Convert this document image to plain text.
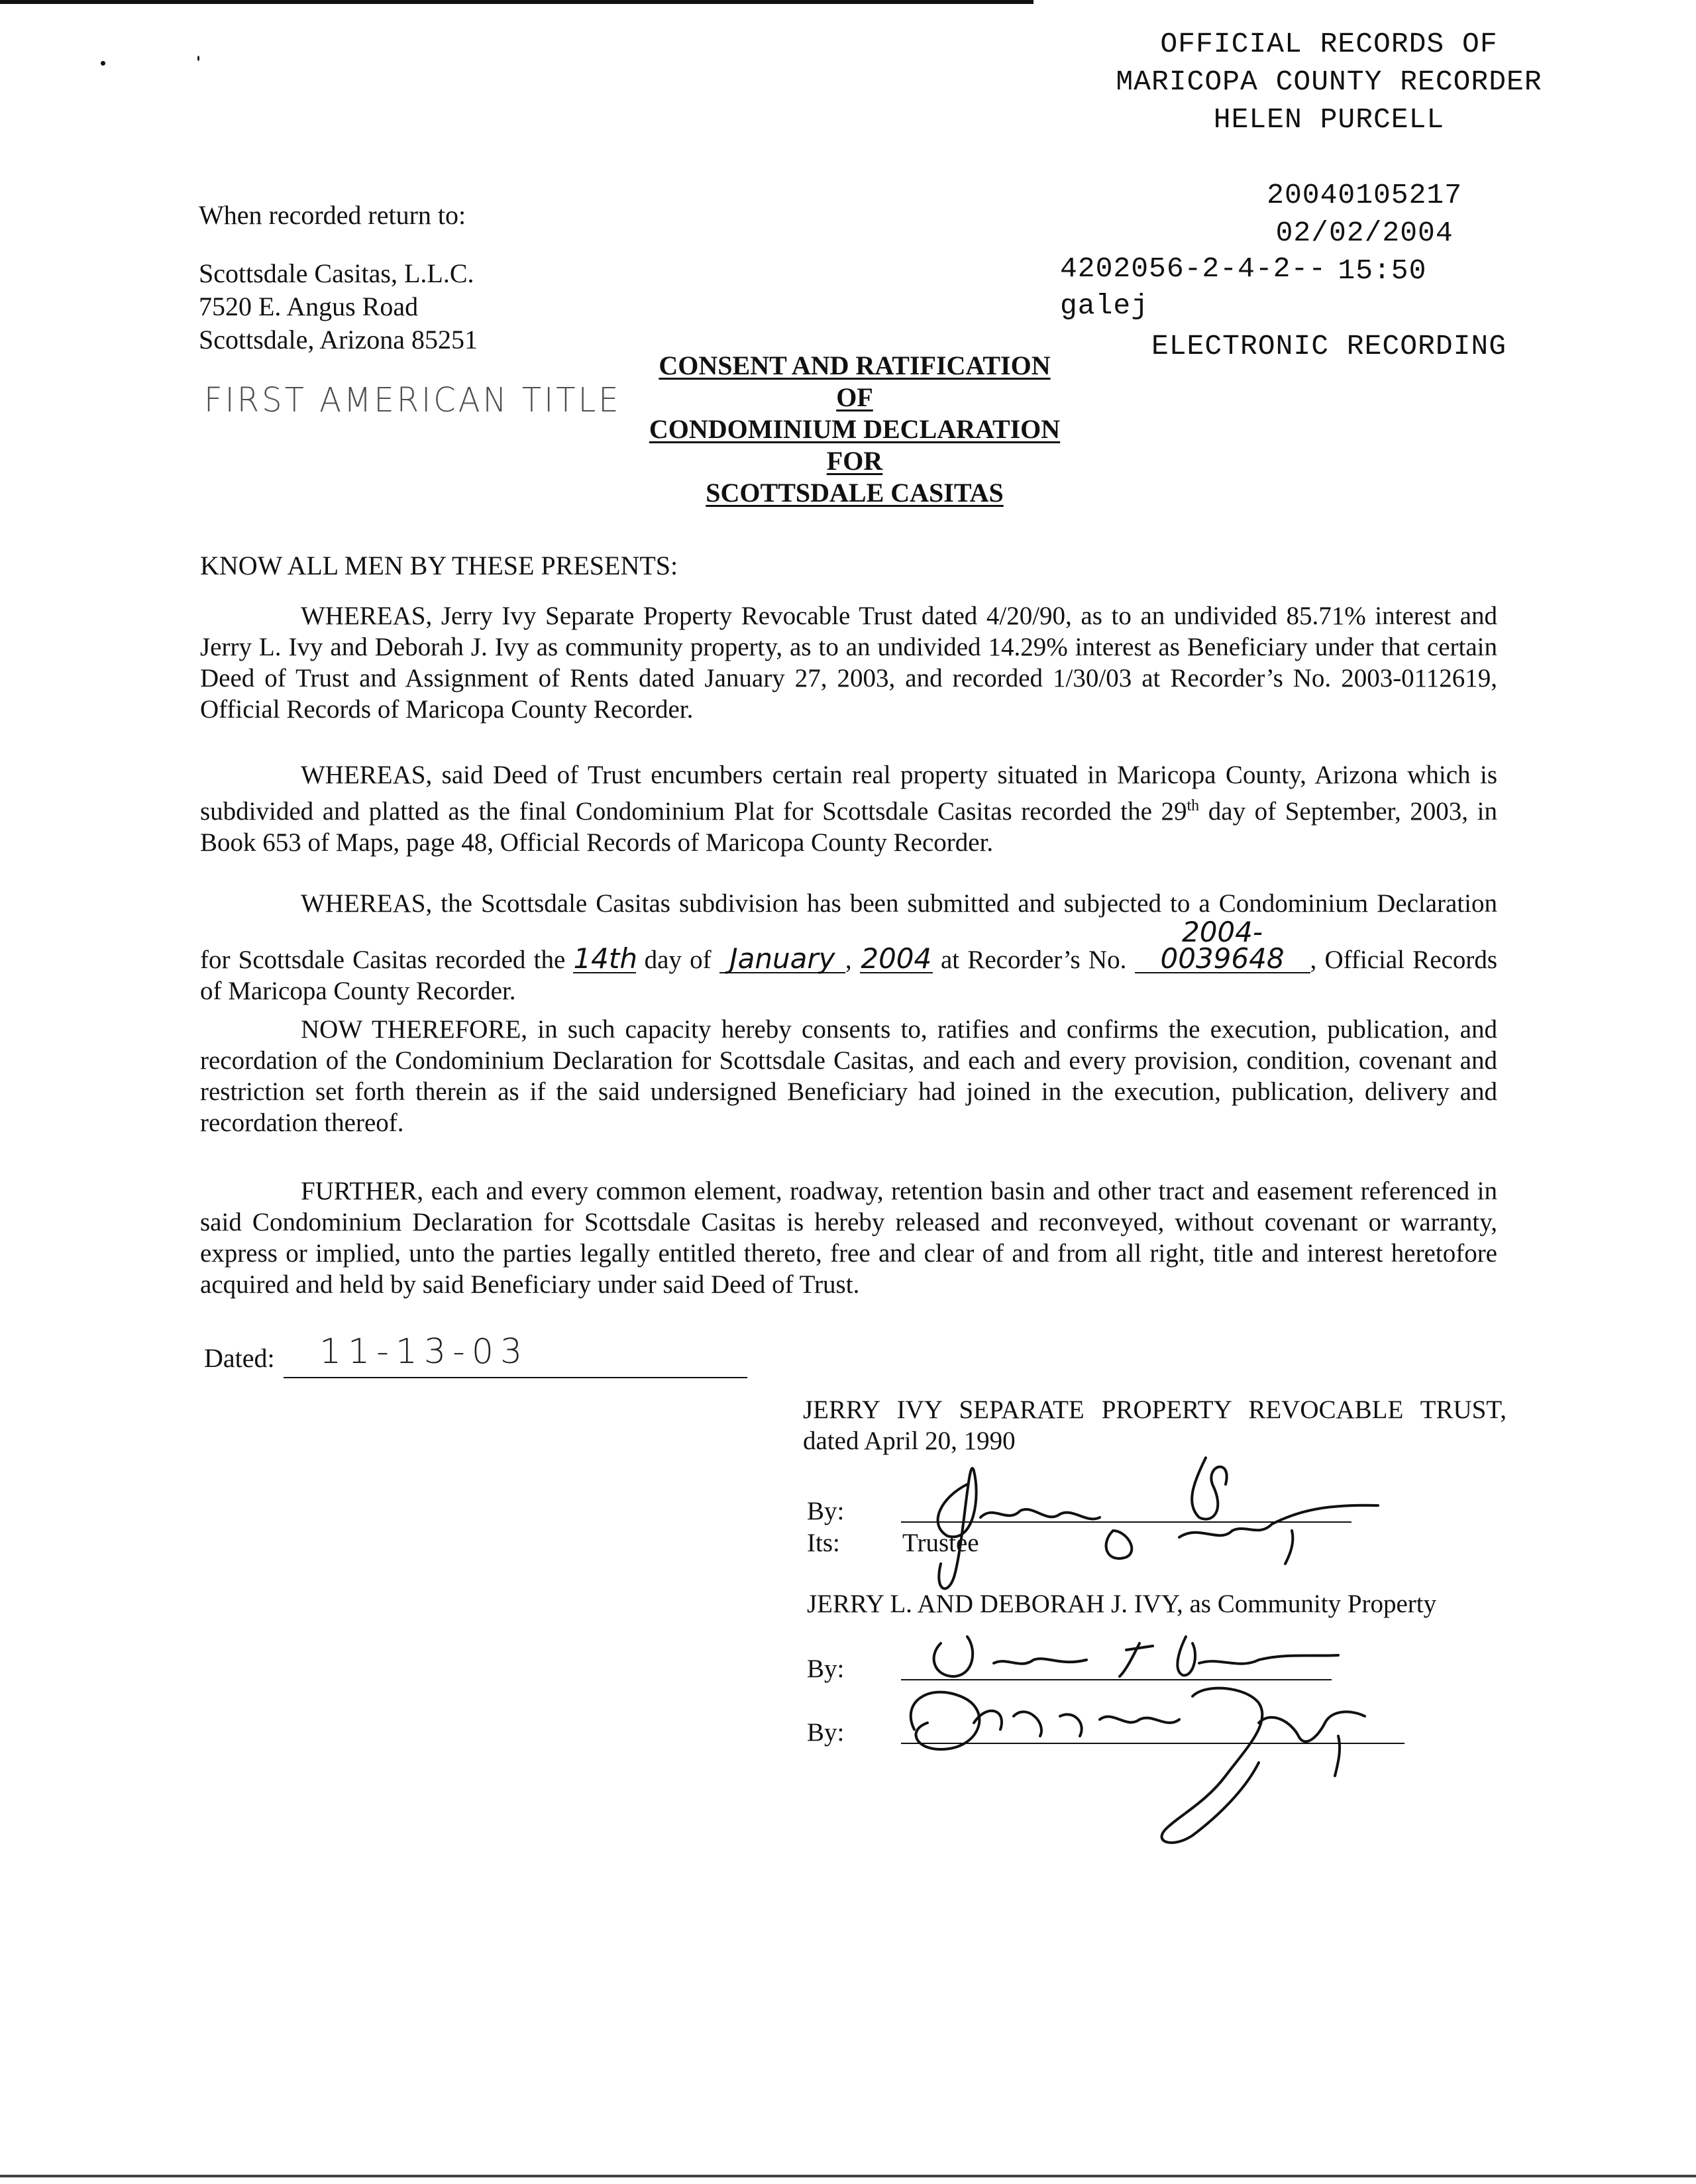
OFFICIAL RECORDS OF
MARICOPA COUNTY RECORDER
HELEN PURCELL

20040105217
02/02/2004
15:50

ELECTRONIC RECORDING
4202056-2-4-2--
galej
When recorded return to:
Scottsdale Casitas, L.L.C.
7520 E. Angus Road
Scottsdale, Arizona 85251
FIRST AMERICAN TITLE
CONSENT AND RATIFICATION
OF
CONDOMINIUM DECLARATION
FOR
SCOTTSDALE CASITAS
KNOW ALL MEN BY THESE PRESENTS:
WHEREAS, Jerry Ivy Separate Property Revocable Trust dated 4/20/90, as to an undivided 85.71% interest and Jerry L. Ivy and Deborah J. Ivy as community property, as to an undivided 14.29% interest as Beneficiary under that certain Deed of Trust and Assignment of Rents dated January 27, 2003, and recorded 1/30/03 at Recorder’s No. 2003-0112619, Official Records of Maricopa County Recorder.
WHEREAS, said Deed of Trust encumbers certain real property situated in Maricopa County, Arizona which is subdivided and platted as the final Condominium Plat for Scottsdale Casitas recorded the 29th day of September, 2003, in Book 653 of Maps, page 48, Official Records of Maricopa County Recorder.
WHEREAS, the Scottsdale Casitas subdivision has been submitted and subjected to a Condominium Declaration for Scottsdale Casitas recorded the 14th day of January , 2004 at Recorder’s No. 2004-0039648 , Official Records of Maricopa County Recorder.
NOW THEREFORE, in such capacity hereby consents to, ratifies and confirms the execution, publication, and recordation of the Condominium Declaration for Scottsdale Casitas, and each and every provision, condition, covenant and restriction set forth therein as if the said undersigned Beneficiary had joined in the execution, publication, delivery and recordation thereof.
FURTHER, each and every common element, roadway, retention basin and other tract and easement referenced in said Condominium Declaration for Scottsdale Casitas is hereby released and reconveyed, without covenant or warranty, express or implied, unto the parties legally entitled thereto, free and clear of and from all right, title and interest heretofore acquired and held by said Beneficiary under said Deed of Trust.
Dated: 11-13-03
JERRY IVY SEPARATE PROPERTY REVOCABLE TRUST, dated April 20, 1990
By:
Its: Trustee
JERRY L. AND DEBORAH J. IVY, as Community Property
By:
By:
